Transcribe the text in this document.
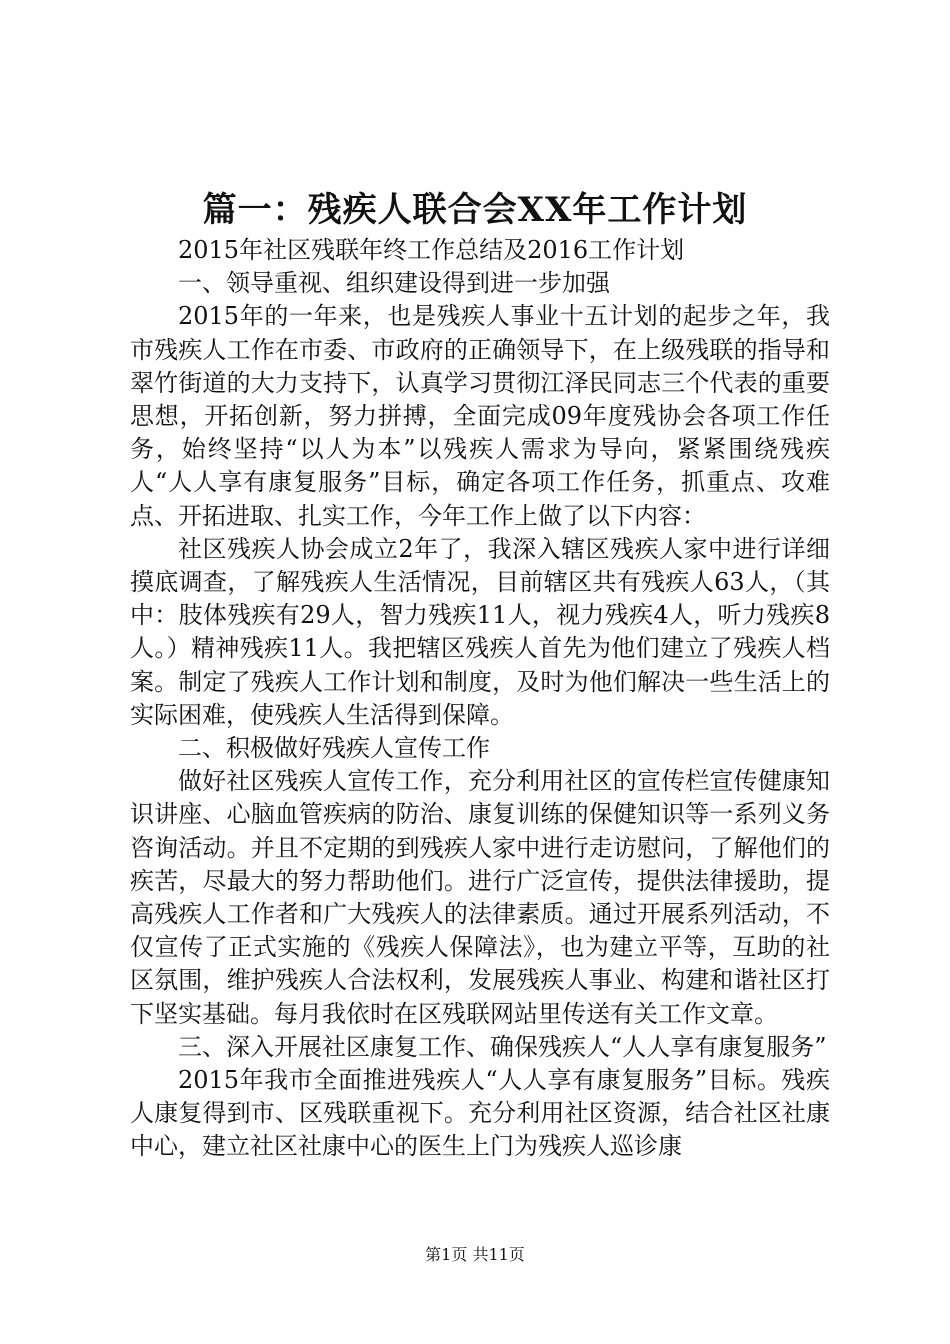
篇一：残疾人联合会XX年工作计划

2015年社区残联年终工作总结及2016工作计划

一、领导重视、组织建设得到进一步加强

2015年的一年来，也是残疾人事业十五计划的起步之年，我市残疾人工作在市委、市政府的正确领导下，在上级残联的指导和翠竹街道的大力支持下，认真学习贯彻江泽民同志三个代表的重要思想，开拓创新，努力拼搏，全面完成09年度残协会各项工作任务，始终坚持“以人为本”以残疾人需求为导向，紧紧围绕残疾人“人人享有康复服务”目标，确定各项工作任务，抓重点、攻难点、开拓进取、扎实工作，今年工作上做了以下内容：

社区残疾人协会成立2年了，我深入辖区残疾人家中进行详细摸底调查，了解残疾人生活情况，目前辖区共有残疾人63人，（其中：肢体残疾有29人，智力残疾11人，视力残疾4人，听力残疾8人。）精神残疾11人。我把辖区残疾人首先为他们建立了残疾人档案。制定了残疾人工作计划和制度，及时为他们解决一些生活上的实际困难，使残疾人生活得到保障。

二、积极做好残疾人宣传工作

做好社区残疾人宣传工作，充分利用社区的宣传栏宣传健康知识讲座、心脑血管疾病的防治、康复训练的保健知识等一系列义务咨询活动。并且不定期的到残疾人家中进行走访慰问，了解他们的疾苦，尽最大的努力帮助他们。进行广泛宣传，提供法律援助，提高残疾人工作者和广大残疾人的法律素质。通过开展系列活动，不仅宣传了正式实施的《残疾人保障法》，也为建立平等，互助的社区氛围，维护残疾人合法权利，发展残疾人事业、构建和谐社区打下坚实基础。每月我依时在区残联网站里传送有关工作文章。

三、深入开展社区康复工作、确保残疾人“人人享有康复服务”

2015年我市全面推进残疾人“人人享有康复服务”目标。残疾人康复得到市、区残联重视下。充分利用社区资源，结合社区社康中心，建立社区社康中心的医生上门为残疾人巡诊康

第1页 共11页
